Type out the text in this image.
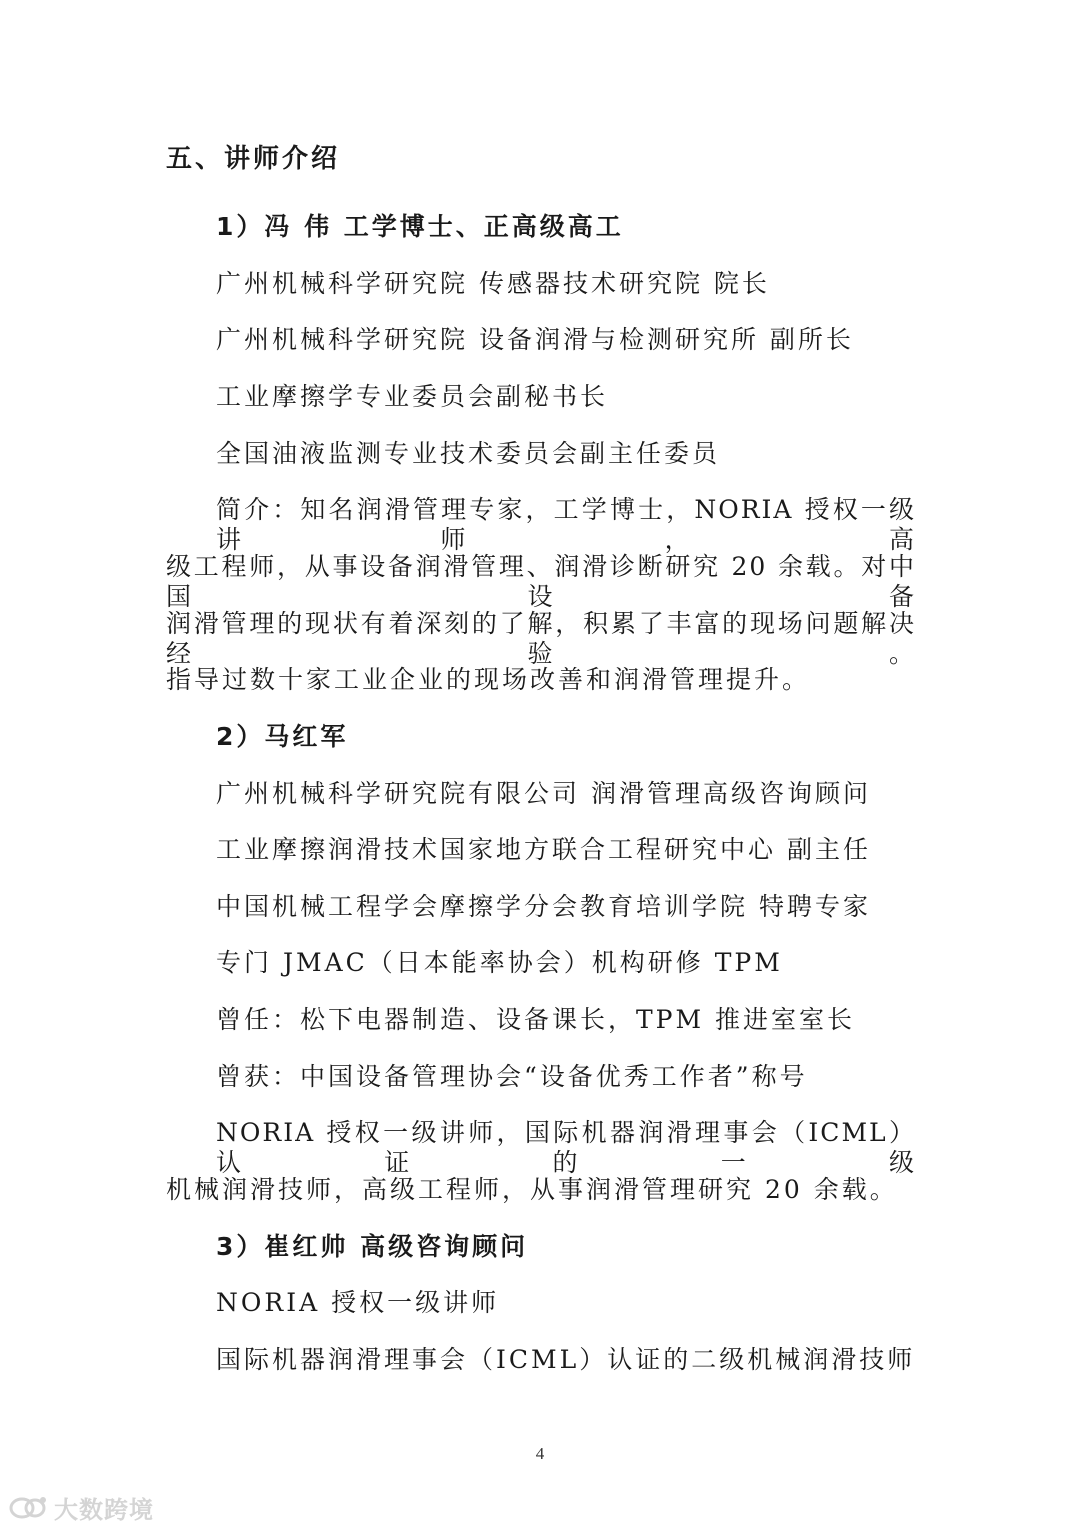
五、讲师介绍
1）冯 伟 工学博士、正高级高工
广州机械科学研究院 传感器技术研究院 院长
广州机械科学研究院 设备润滑与检测研究所 副所长
工业摩擦学专业委员会副秘书长
全国油液监测专业技术委员会副主任委员
简介：知名润滑管理专家，工学博士，NORIA 授权一级讲师，高
级工程师，从事设备润滑管理、润滑诊断研究 20 余载。对中国设备
润滑管理的现状有着深刻的了解，积累了丰富的现场问题解决经验。
指导过数十家工业企业的现场改善和润滑管理提升。
2）马红军
广州机械科学研究院有限公司 润滑管理高级咨询顾问
工业摩擦润滑技术国家地方联合工程研究中心 副主任
中国机械工程学会摩擦学分会教育培训学院 特聘专家
专门 JMAC（日本能率协会）机构研修 TPM
曾任：松下电器制造、设备课长，TPM 推进室室长
曾获：中国设备管理协会“设备优秀工作者”称号
NORIA 授权一级讲师，国际机器润滑理事会（ICML）认证的一级
机械润滑技师，高级工程师，从事润滑管理研究 20 余载。
3）崔红帅 高级咨询顾问
NORIA 授权一级讲师
国际机器润滑理事会（ICML）认证的二级机械润滑技师
4
大数跨境
